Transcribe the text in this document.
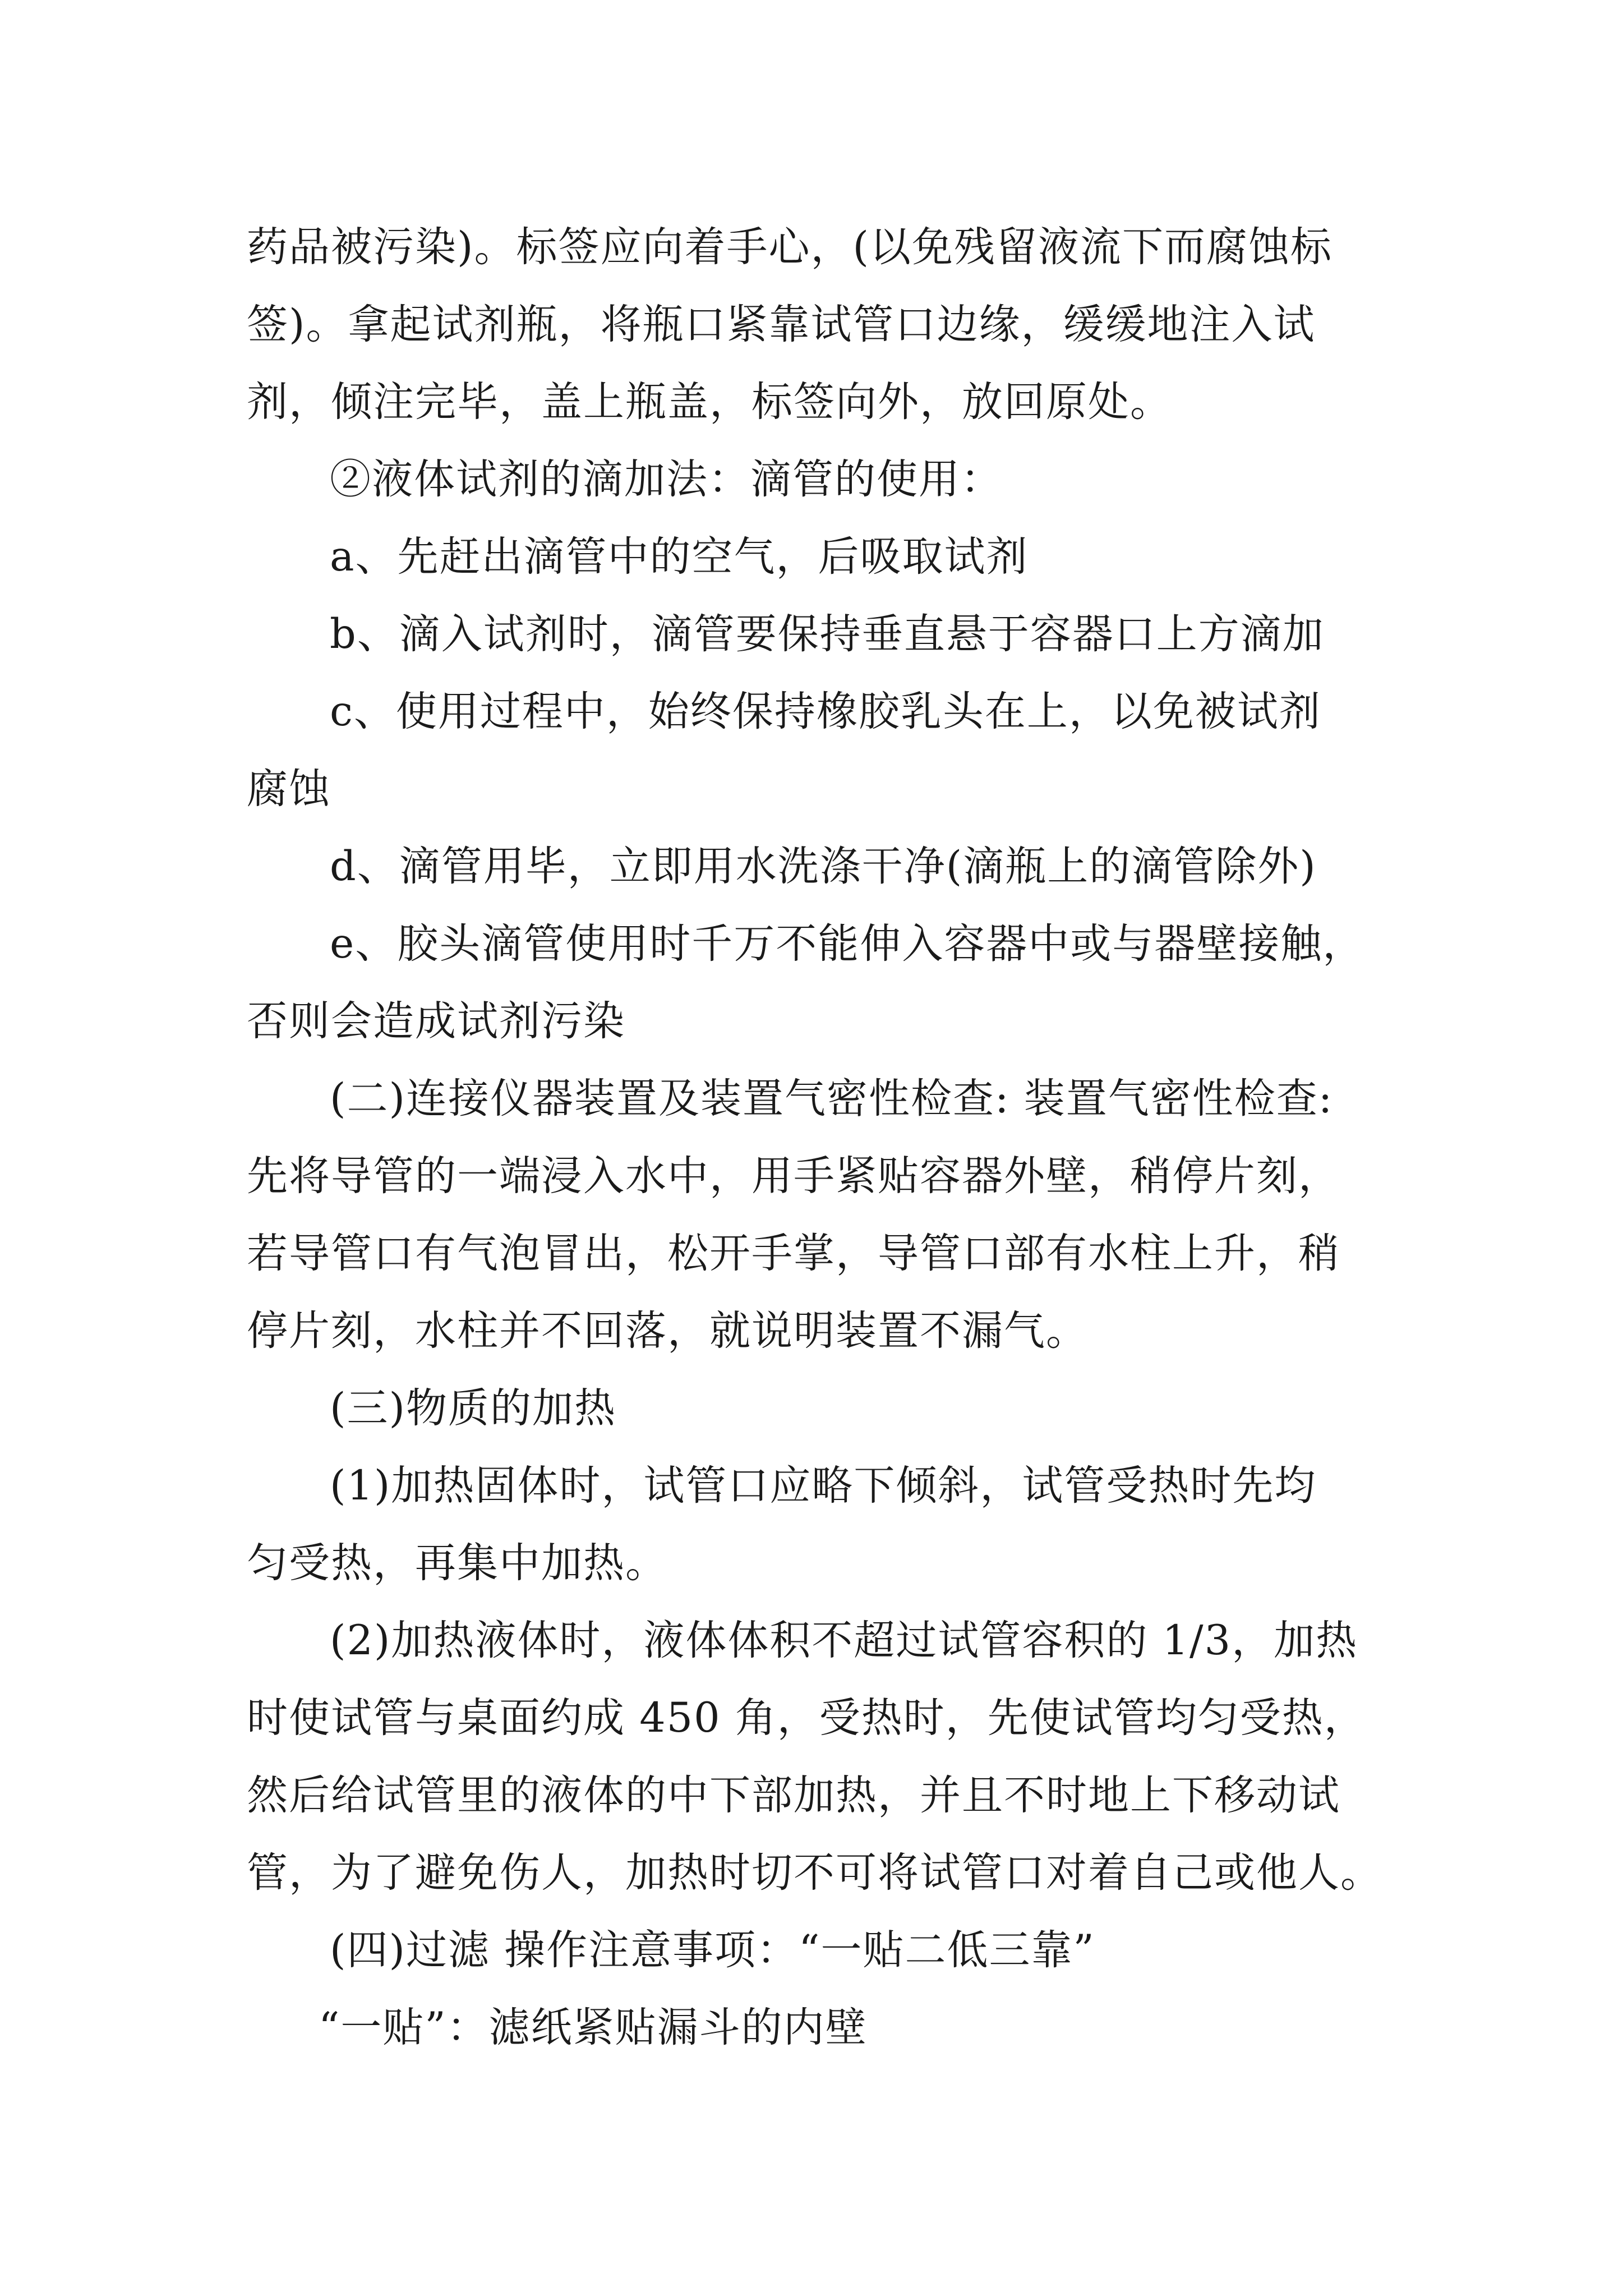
药品被污染)。标签应向着手心，(以免残留液流下而腐蚀标
签)。拿起试剂瓶，将瓶口紧靠试管口边缘，缓缓地注入试
剂，倾注完毕，盖上瓶盖，标签向外，放回原处。
②液体试剂的滴加法：滴管的使用：
a、先赶出滴管中的空气，后吸取试剂
b、滴入试剂时，滴管要保持垂直悬于容器口上方滴加
c、使用过程中，始终保持橡胶乳头在上，以免被试剂
腐蚀
d、滴管用毕，立即用水洗涤干净(滴瓶上的滴管除外)
e、胶头滴管使用时千万不能伸入容器中或与器壁接触，
否则会造成试剂污染
(二)连接仪器装置及装置气密性检查: 装置气密性检查:
先将导管的一端浸入水中，用手紧贴容器外壁，稍停片刻，
若导管口有气泡冒出，松开手掌，导管口部有水柱上升，稍
停片刻，水柱并不回落，就说明装置不漏气。
(三)物质的加热
(1)加热固体时，试管口应略下倾斜，试管受热时先均
匀受热，再集中加热。
(2)加热液体时，液体体积不超过试管容积的 1/3，加热
时使试管与桌面约成 450 角，受热时，先使试管均匀受热，
然后给试管里的液体的中下部加热，并且不时地上下移动试
管，为了避免伤人，加热时切不可将试管口对着自己或他人。
(四)过滤 操作注意事项：“一贴二低三靠”
“一贴”：滤纸紧贴漏斗的内壁
